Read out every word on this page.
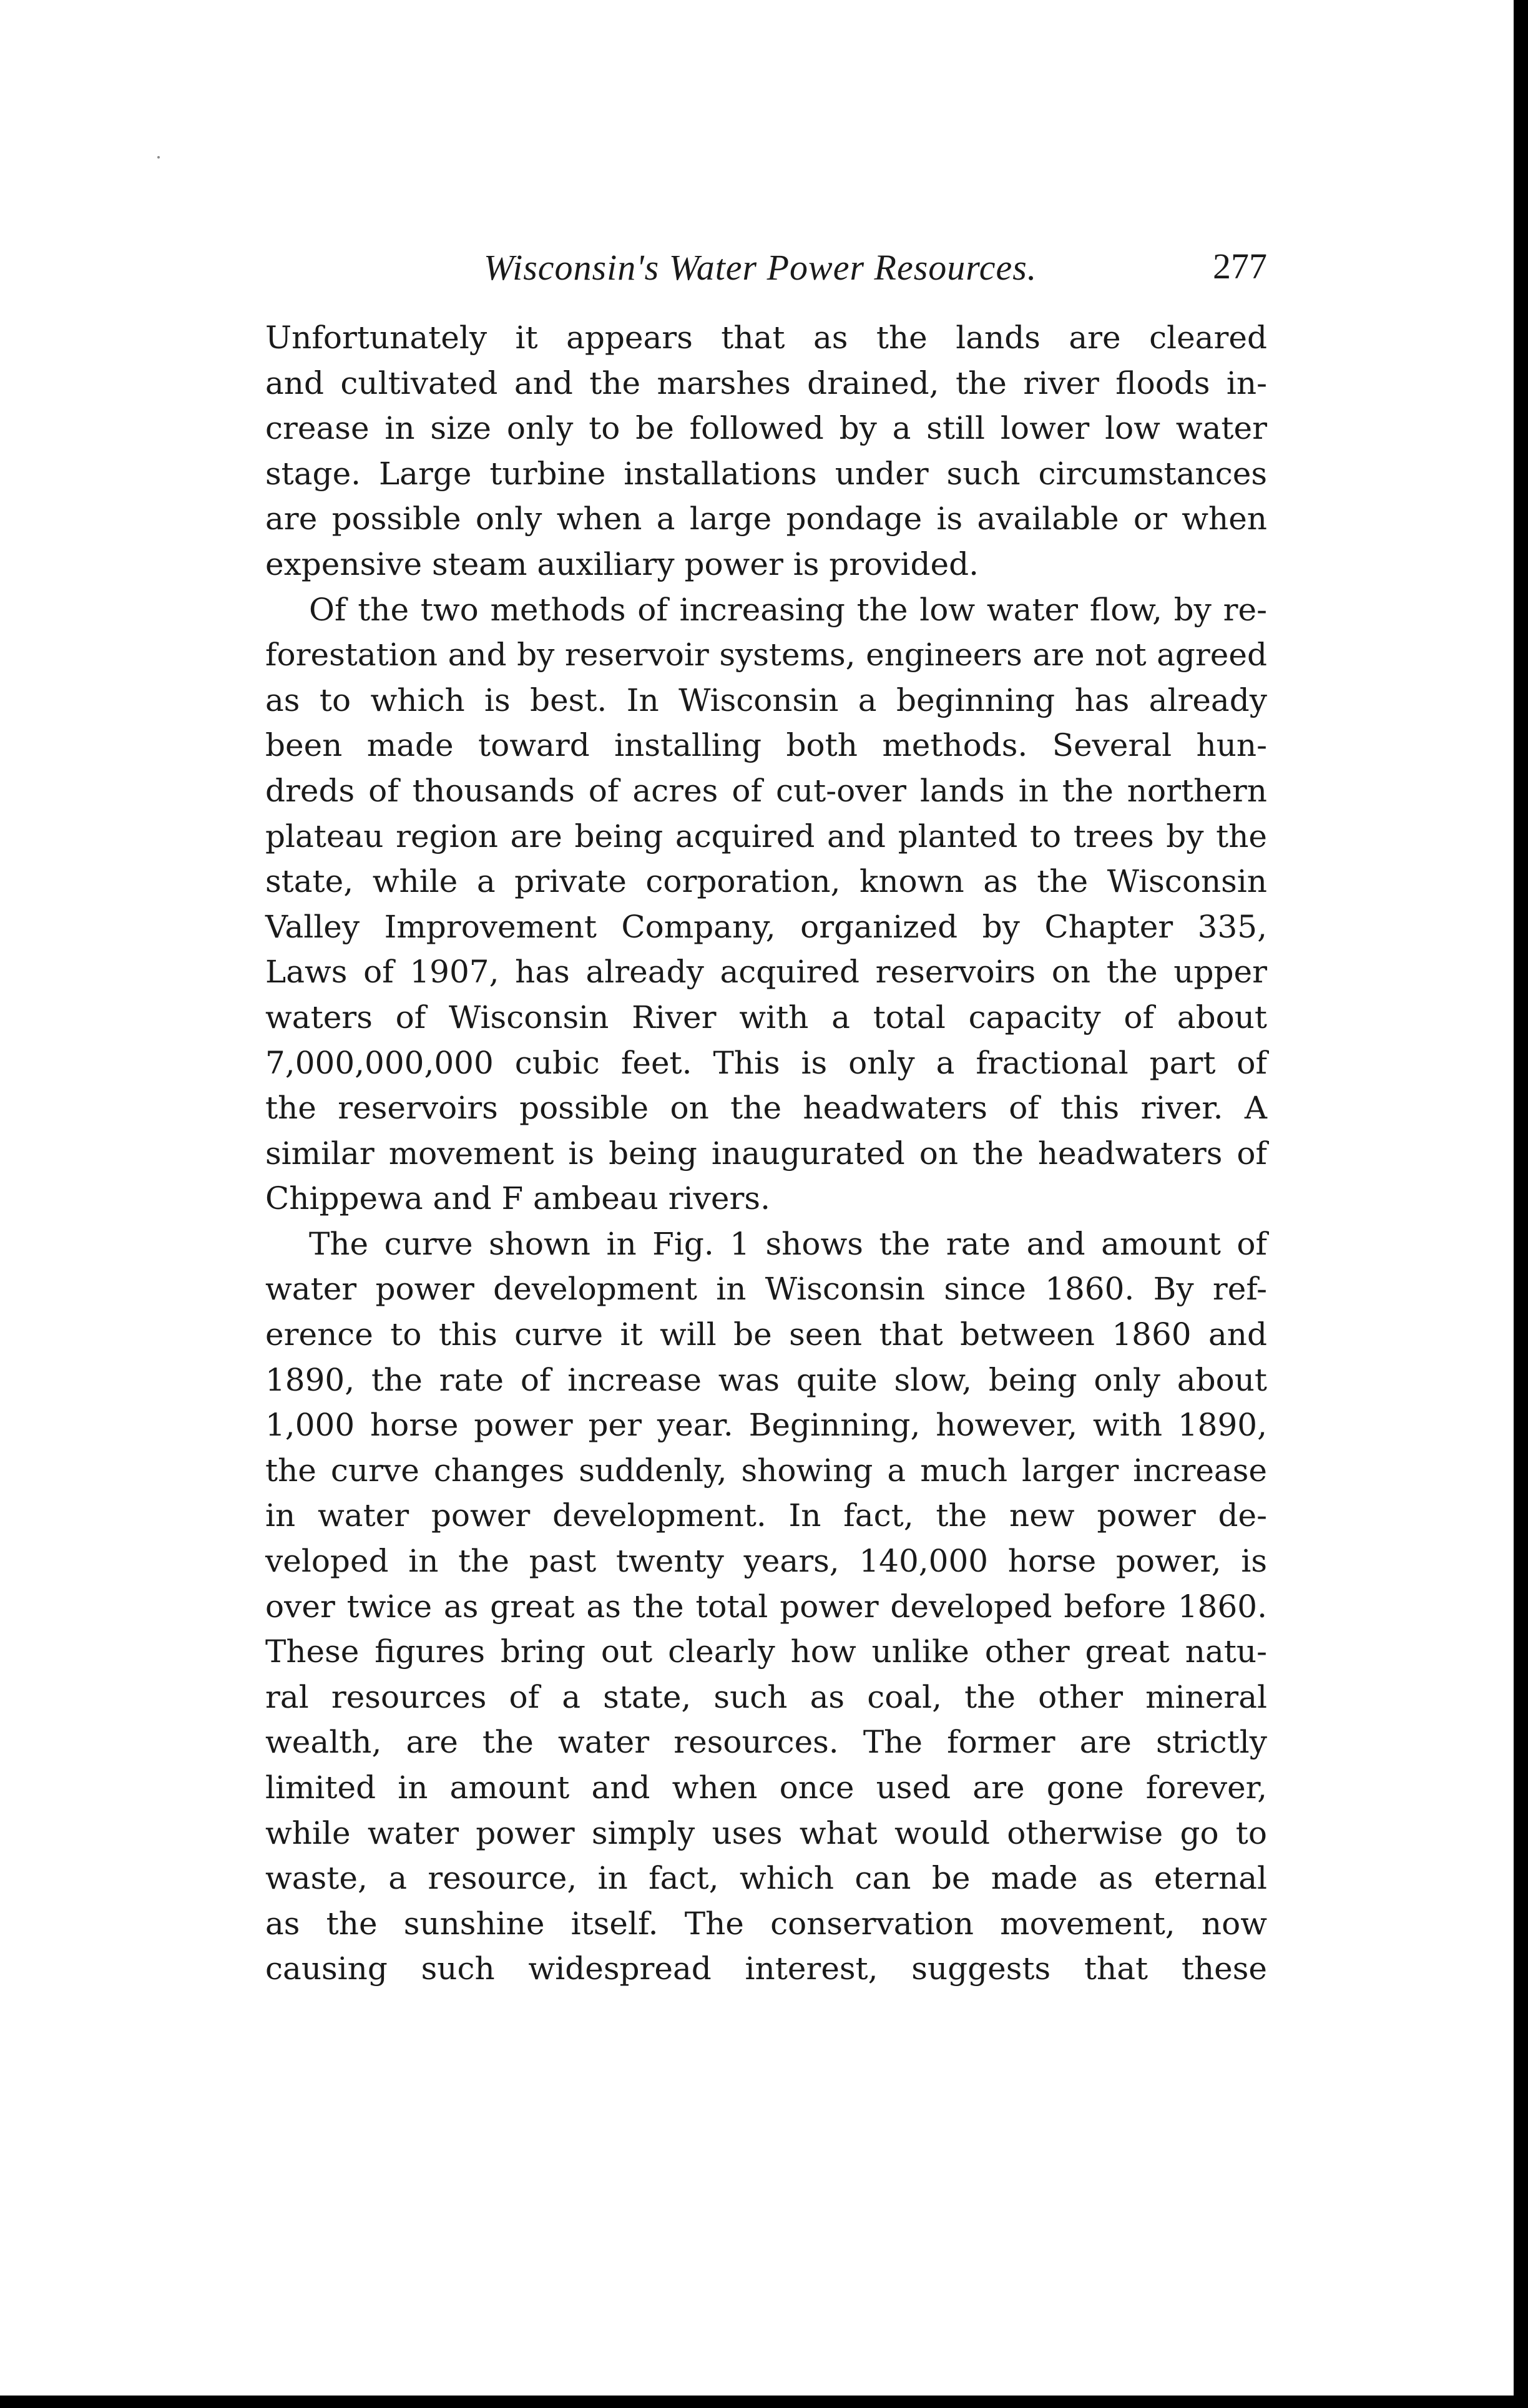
Wisconsin's Water Power Resources.	277
Unfortunately it appears that as the lands are cleared
and cultivated and the marshes drained, the river floods in-
crease in size only to be followed by a still lower low water
stage. Large turbine installations under such circumstances
are possible only when a large pondage is available or when
expensive steam auxiliary power is provided.
Of the two methods of increasing the low water flow, by re-
forestation and by reservoir systems, engineers are not agreed
as to which is best. In Wisconsin a beginning has already
been made toward installing both methods. Several hun-
dreds of thousands of acres of cut-over lands in the northern
plateau region are being acquired and planted to trees by the
state, while a private corporation, known as the Wisconsin
Valley Improvement Company, organized by Chapter 335,
Laws of 1907, has already acquired reservoirs on the upper
waters of Wisconsin River with a total capacity of about
7,000,000,000 cubic feet. This is only a fractional part of
the reservoirs possible on the headwaters of this river. A
similar movement is being inaugurated on the headwaters of
Chippewa and F ambeau rivers.
The curve shown in Fig. 1 shows the rate and amount of
water power development in Wisconsin since 1860. By ref-
erence to this curve it will be seen that between 1860 and
1890, the rate of increase was quite slow, being only about
1,000 horse power per year. Beginning, however, with 1890,
the curve changes suddenly, showing a much larger increase
in water power development. In fact, the new power de-
veloped in the past twenty years, 140,000 horse power, is
over twice as great as the total power developed before 1860.
These figures bring out clearly how unlike other great natu-
ral resources of a state, such as coal, the other mineral
wealth, are the water resources. The former are strictly
limited in amount and when once used are gone forever,
while water power simply uses what would otherwise go to
waste, a resource, in fact, which can be made as eternal
as the sunshine itself. The conservation movement, now
causing such widespread interest, suggests that these
